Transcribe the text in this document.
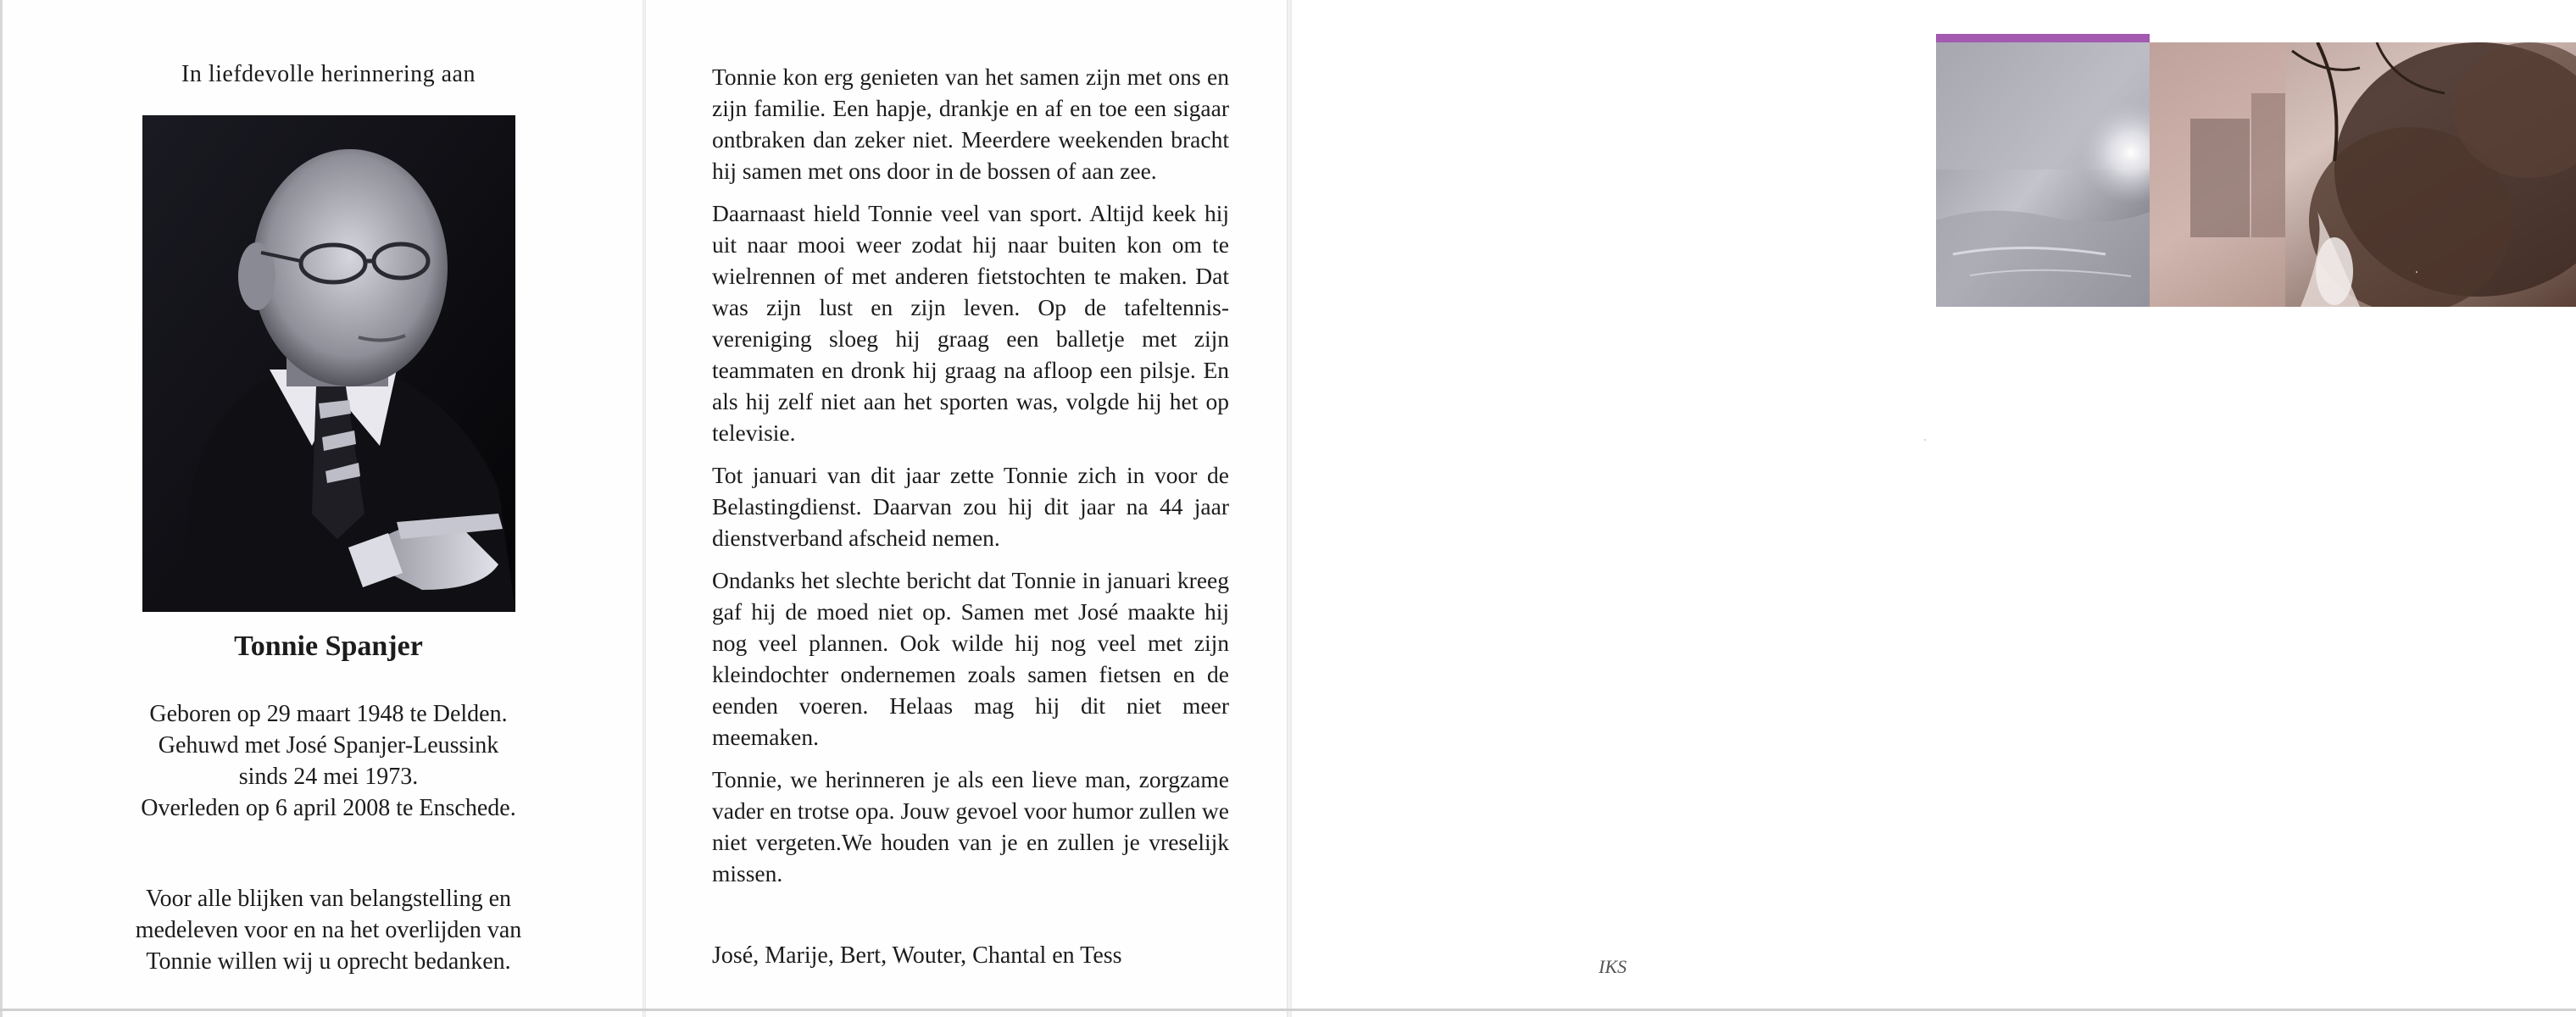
In liefdevolle herinnering aan
Tonnie Spanjer
Geboren op 29 maart 1948 te Delden.
Gehuwd met José Spanjer-Leussink
sinds 24 mei 1973.
Overleden op 6 april 2008 te Enschede.
Voor alle blijken van belangstelling en
medeleven voor en na het overlijden van
Tonnie willen wij u oprecht bedanken.

Tonnie kon erg genieten van het samen zijn met ons en zijn familie. Een hapje, drankje en af en toe een sigaar ontbraken dan zeker niet. Meerdere weekenden bracht hij samen met ons door in de bossen of aan zee.

Daarnaast hield Tonnie veel van sport. Altijd keek hij uit naar mooi weer zodat hij naar buiten kon om te wielrennen of met anderen fietstochten te maken. Dat was zijn lust en zijn leven. Op de tafeltennis-vereniging sloeg hij graag een balletje met zijn teammaten en dronk hij graag na afloop een pilsje. En als hij zelf niet aan het sporten was, volgde hij het op televisie.

Tot januari van dit jaar zette Tonnie zich in voor de Belastingdienst. Daarvan zou hij dit jaar na 44 jaar dienstverband afscheid nemen.

Ondanks het slechte bericht dat Tonnie in januari kreeg gaf hij de moed niet op. Samen met José maakte hij nog veel plannen. Ook wilde hij nog veel met zijn kleindochter ondernemen zoals samen fietsen en de eenden voeren. Helaas mag hij dit niet meer meemaken.

Tonnie, we herinneren je als een lieve man, zorgzame vader en trotse opa. Jouw gevoel voor humor zullen we niet vergeten.We houden van je en zullen je vreselijk missen.

José, Marije, Bert, Wouter, Chantal en Tess	IKS
